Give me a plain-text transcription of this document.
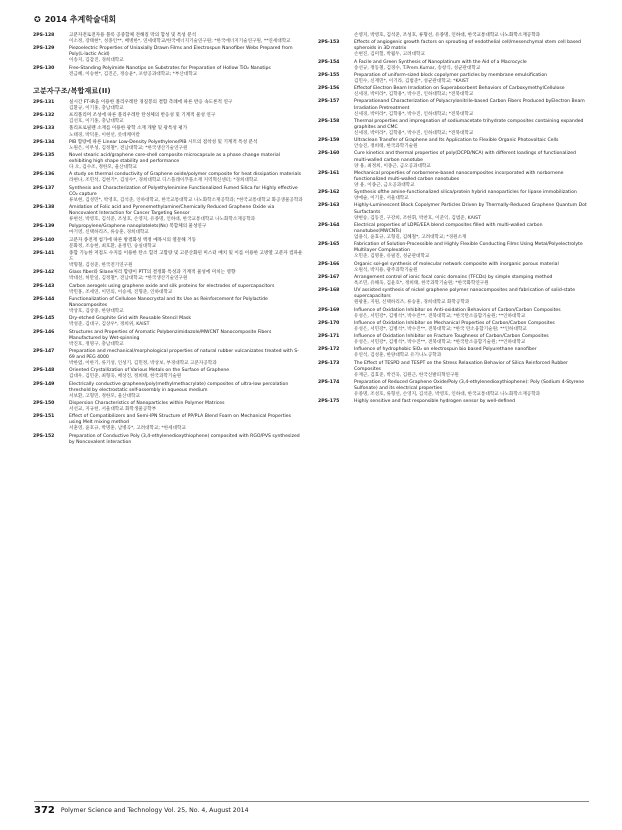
✪ 2014 추계학술대회
2PS-128	고분자전로전자용 블록 공중합체 전해질 막의 합성 및 특성 분석
이소정, 장태현*, 성종인**, 배병한*, 연세대학교/한국에너지기술연구원; *한국에너지기술연구원, **연세대학교
2PS-129	Piezoelectric Properties of Uniaxially Drawn Films and Electrospun Nanofiber Webs Prepared from Poly(L-lactic Acid)
이송지, 김갑진, 경희대학교
2PS-130	Free-Standing Polyimide Nanotips on Substrates for Preparation of Hollow TiO₂ Nanotips
전금혜, 이승현*, 김진곤, 정승윤*, 포항공과대학교; *부산대학교
고분자구조/복합재료(II)
2PS-131	실시간 FT-IR을 이용한 폴리우레탄 경질봉의 결함 측례에 따른 반응 속도론적 연구
김환규, 이기홍, 충남대학교
2PS-132	프리폴리머 조성에 따른 폴리우레탄 탄성체의 반응성 및 기계적 물성 연구
김선호, 이기홍, 충남대학교
2PS-133	폴리프로필렌 소재를 이용한 광학 소재 개발 및 광특성 평가
노태경, 박덕훈, 이현선, 롯데케미칼
2PS-134	PIB 함량에 따른 Linear Low-Density Polyethylene/PIB 시트의 점착성 및 기계적 특성 분석
노원은, 이무성, 김정철*, 전남대학교; *한국생산기술연구원
2PS-135	Novel stearic acid/graphene core-shell composite microcapsule as a phase change material exhibiting high shape stability and performance
다 오, 김수조, 정한모, 울산대학교
2PS-136	A study on thermal conductivity of Graphene oxide/polymer composite for heat dissipation materials
라현나, 조민석, 김현기*, 김성수*, 경희대학교 디스플레이푸플소재 지역혁신센터; *경희대학교
2PS-137	Synthesis and Characterization of Polyethylenimine Functionalized Fumed Silica for Highly effective CO₂ capture
류보현, 김성민*, 박영호, 김석준, 인하대학교, 한국교통대학교 나노화학소재공학과; *한국교통대학교 화공생물공학과
2PS-138	Amidation of Folic acid and Pyrenemethylamine/Chemically Reduced Graphene Oxide via Noncovalent Interaction for Cancer Targeting Sensor
류현선, 박영호, 김석준, 조성호, 손영지, 유종명, 인하대, 한국교통대학교 나노화학소재공학과
2PS-139	Polypropylene/Graphene nanoplatelets(Ns) 복합체의 물성연구
마기영, 신택하리즈, 류승훈, 경희대학교
2PS-140	고분자 종전재 첨가에 따른 방결화성 액정 예목시의 열문해 거동
문화정, 조승현, 최호환, 윤정민, 숭실대학교
2PS-141	종합 기능한 저점도 수지를 이용한 탄소 힐러 고함량 및 고분산화된 미스터 배치 및 이를 이용한 고방열 고분자 컴파운드
박형철, 김성준, 한국전기연구원
2PS-142	Glass fiber와 Silane처리 함량이 PTT의 결정화 특성과 기계적 물성에 미치는 영향
박대선, 허만일, 김정철*, 전남대학교; *한국생산기술연구원
2PS-143	Carbon aerogels using graphene oxide and silk proteins for electrodes of supercapacitors
박민홍, 조세연, 이민의, 이승세, 진형준, 인하대학교
2PS-144	Functionalization of Cellulose Nanocrystal and Its Use as Reinforcement for Polylactide Nanocomposites
박상호, 김상중, 한양대학교
2PS-145	Dry-etched Graphite Grid with Reusable Stencil Mask
박성준, 김대구, 김상우*, 정희위, KAIST
2PS-146	Structures and Properties of Aromatic Polybenzimidazole/MWCNT Nanocomposite Fibers Manufactured by Wet-spinning
박진호, 정명구, 충남대학교
2PS-147	Preparation and mechanical/morphological properties of natural rubber vulcanizates treated with S-69 and PEG 4000
박한엽, 이한기, 류기성, 인성기, 김민정, 박상보, 부경대학교 고분자공학과
2PS-148	Oriented Crystallization of Various Metals on the Surface of Graphene
김대우, 김민준, 최형욱, 배상진, 정희태, 한국과학기술원
2PS-149	Electrically conductive graphene/poly(methylmethacrylate) composites of ultra-low percolation threshold by electrostatic self-assembly in aqueous medium
서보환, 고형민, 정한모, 울산대학교
2PS-150	Dispersion Characteristics of Nanoparticles within Polymer Matrices
서선교, 지규헌, 서울대학교 화학생물공학부
2PS-151	Effect of Compatibilizers and Semi-IPN Structure of PP/PLA Blend Foam on Mechanical Properties using Melt mixing method
서훈영, 윤호규, 박명훈, 남병곡*, 고려대학교; *한세대학교
2PS-152	Preparation of Conductive Poly (3,4-ethylenedioxythiophene) composited with RGO/PVS synthesized by Noncovalent interaction
손영지, 박영호, 김석준, 조성호, 류형선, 유종명, 인하대, 한국교통대학교 나노화학소재공학과
2PS-153	Effects of angiogenic growth factors on sprouting of endothelial cell/mesenchymal stem cell based spheroids in 3D matrix
손현진, 김미험, 박월두, 고려대학교
2PS-154	A Facile and Green Synthesis of Nanoplatinum with the Aid of a Macrocycle
송선규, 정동철, 김경수, T.Prem.Kumar, 송창식, 성균관대학교
2PS-155	Preparation of uniform-sized block copolymer particles by membrane emulsification
김민수, 신재민*, 이기라, 김범준*, 성균관대학교; *KAIST
2PS-156	Effectof Electron Beam Irradiation on Superabsorbent Behaviors of CarboxymethylCellulose
신세경, 박미라*, 김학용*, 박수진, 인하대학교; *전북대학교
2PS-157	Preparationand Characterization of Polyacrylonitrile-based Carbon Fibers Produced byElectron Beam Irradiation Pretreatment
신세경, 박미라*, 김학용*, 박수진, 인하대학교; *전북대학교
2PS-158	Thermal properties and impregnation of sodiumacetate trihydrate composites containing expanded graphites and CMC
신세경, 박미라*, 김학용*, 박수진, 인하대학교; *전북대학교
2PS-159	Ultraclean Transfer of Graphene and Its Application to Flexible Organic Photovoltaic Cells
안승진, 정희태, 한국과학기술원
2PS-160	Cure kinetics and thermal properties of poly(DCPD/NCA) with different loadings of functionalized multi-walled carbon nanotube
양 용, 최정희, 이종근, 금오공과대학교
2PS-161	Mechanical properties of norbornene-based nanocomposites incorporated with norbornene functionalized multi-walled carbon nanotubes
양 용, 이종근, 금오공과대학교
2PS-162	Synthesis ofthe amine-functionalized silica/protein hybrid nanoparticles for lipase immobilization
양예슬, 이기훈, 서울대학교
2PS-163	Highly-Luminescent Block Copolymer Particles Driven by Thermally-Reduced Graphene Quantum Dot Surfactants
양현승, 김동진, 구강희, 조한휘, 박찬호, 이준익, 김범준, KAIST
2PS-164	Electrical properties of LDPE/EEA blend composites filled with multi-walled carbon nanotubes(MWCNTs)
엄용식, 윤효규, 고형길, 김혜철*, 고려대학교; *경원소재
2PS-165	Fabrication of Solution-Processible and Highly Flexible Conducting Films Using Metal/Polyelectrolyte Multilayer Complexation
오민준, 김명훈, 유필진, 성균관대학교
2PS-166	Organic sol-gel synthesis of molecular network composite with inorganic porous material
오원석, 박지용, 광주과학기술원
2PS-167	Arrangement control of ionic focal conic domains (TFCDs) by simple stamping method
옥조민, 유해욱, 김윤호*, 정희태, 한국과학기술원; *한국화학연구원
2PS-168	UV assisted synthesis of nickel graphene polymer nanocomposites and fabrication of solid-state supercapacitors
원팡훈, 지원, 신택하리즈, 류승훈, 경희대학교 화학공학과
2PS-169	Influence of Oxidation Inhibitor on Anti-oxidation Behaviors of Carbon/Carbon Composites
유성은, 서민강*, 김병석*, 박수진**, 전북대학교; *한국탄소융합기술원; **인하대학교
2PS-170	Influence of Oxidation Inhibitor on Mechanical Properties of Carbon/Carbon Composites
유성은, 서민강*, 김병석*, 박수진**, 전북대학교; *한국 탄소융합기술원; **인하대학교
2PS-171	Influence of Oxidation Inhibitor on Fracture Toughness of Carbon/Carbon Composites
유성은, 서민강*, 김병석*, 박수진**, 전북대학교; *한국탄소융합기술원; **인하대학교
2PS-172	Influence of hydrophobic SiO₂ on electrospun bio based Polyurethane nanofiber
유연석, 김성훈, 한양대학교 유기나노공학과
2PS-173	The Effect of TESPD and TESPT on the Stress Relaxation Behavior of Silica Reinforced Rubber Composites
유재근, 김효준, 박건욱, 김원근, 한국신발피혁연구원
2PS-174	Preparation of Reduced Graphene Oxide/Poly (3,4-ethylenedioxythiophene): Poly (Sodium 4-Styrene Sulfonate) and its electrical properties
유종명, 조성호, 류형선, 손영지, 김석준, 박영호, 인하대, 한국교통대학교 나노화학소재공학과
2PS-175	Highly sensitive and fast responsible hydrogen sensor by well-defined
372 Polymer Science and Technology Vol. 25, No. 4, August 2014
